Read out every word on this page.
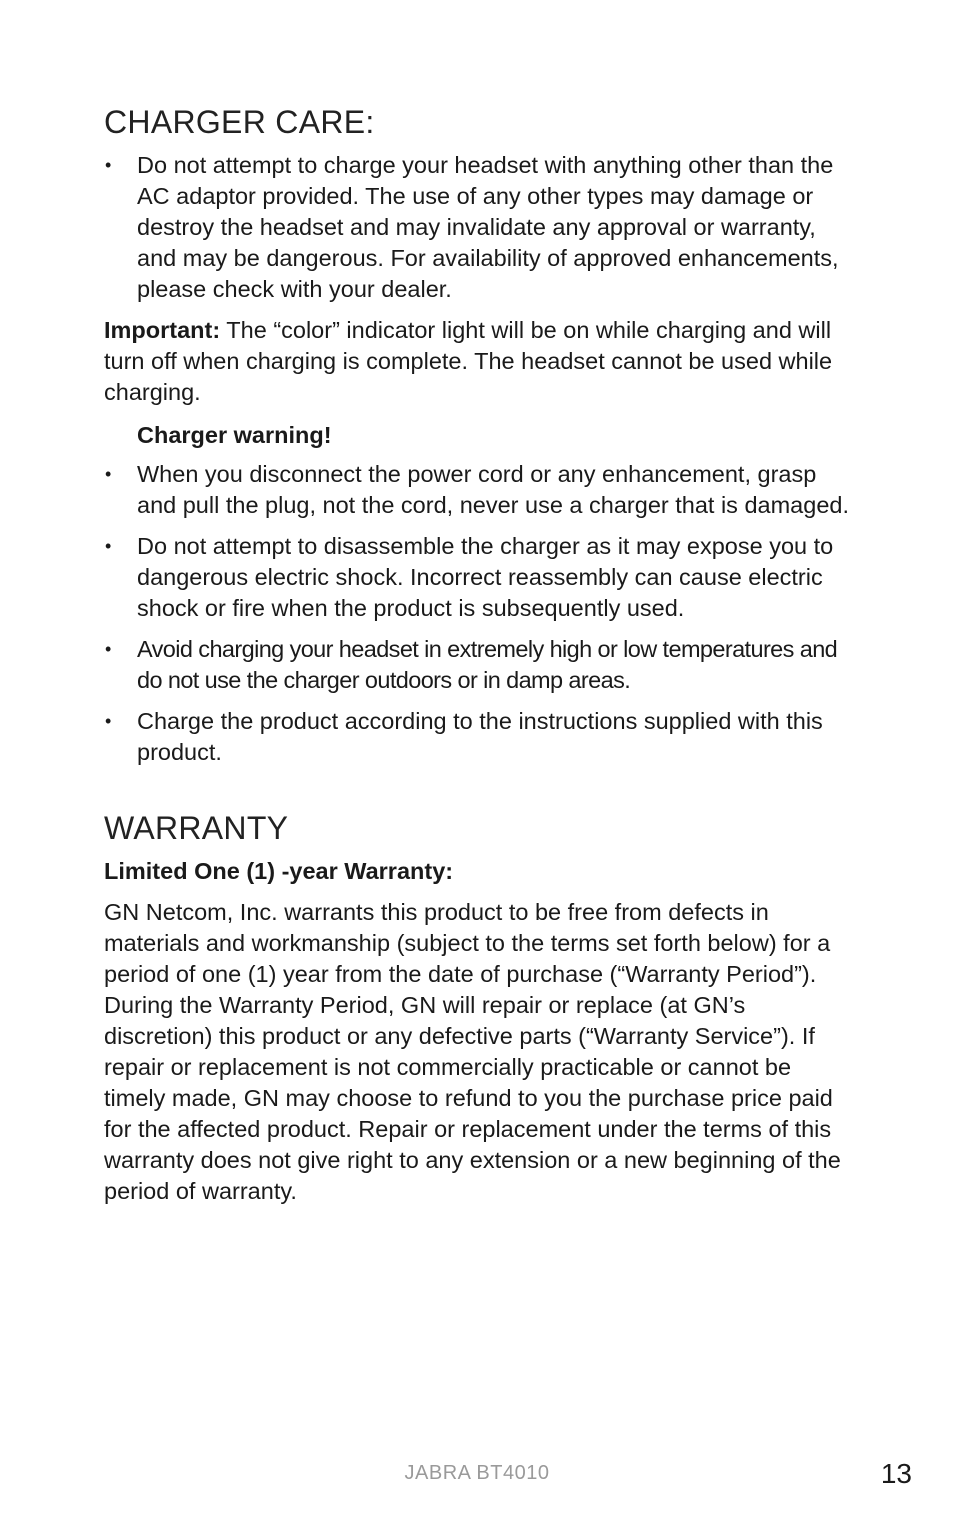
CHARGER CARE:
• Do not attempt to charge your headset with anything other than the AC adaptor provided. The use of any other types may damage or destroy the headset and may invalidate any approval or warranty, and may be dangerous. For availability of approved enhancements, please check with your dealer.

Important: The “color” indicator light will be on while charging and will turn off when charging is complete. The headset cannot be used while charging.

Charger warning!
• When you disconnect the power cord or any enhancement, grasp and pull the plug, not the cord, never use a charger that is damaged.
• Do not attempt to disassemble the charger as it may expose you to dangerous electric shock. Incorrect reassembly can cause electric shock or fire when the product is subsequently used.
• Avoid charging your headset in extremely high or low temperatures and do not use the charger outdoors or in damp areas.
• Charge the product according to the instructions supplied with this product.
WARRANTY

Limited One (1) -year Warranty:

GN Netcom, Inc. warrants this product to be free from defects in materials and workmanship (subject to the terms set forth below) for a period of one (1) year from the date of purchase (“Warranty Period”). During the Warranty Period, GN will repair or replace (at GN’s discretion) this product or any defective parts (“Warranty Service”). If repair or replacement is not commercially practicable or cannot be timely made, GN may choose to refund to you the purchase price paid for the affected product. Repair or replacement under the terms of this warranty does not give right to any extension or a new beginning of the period of warranty.

JABRA BT4010	13
